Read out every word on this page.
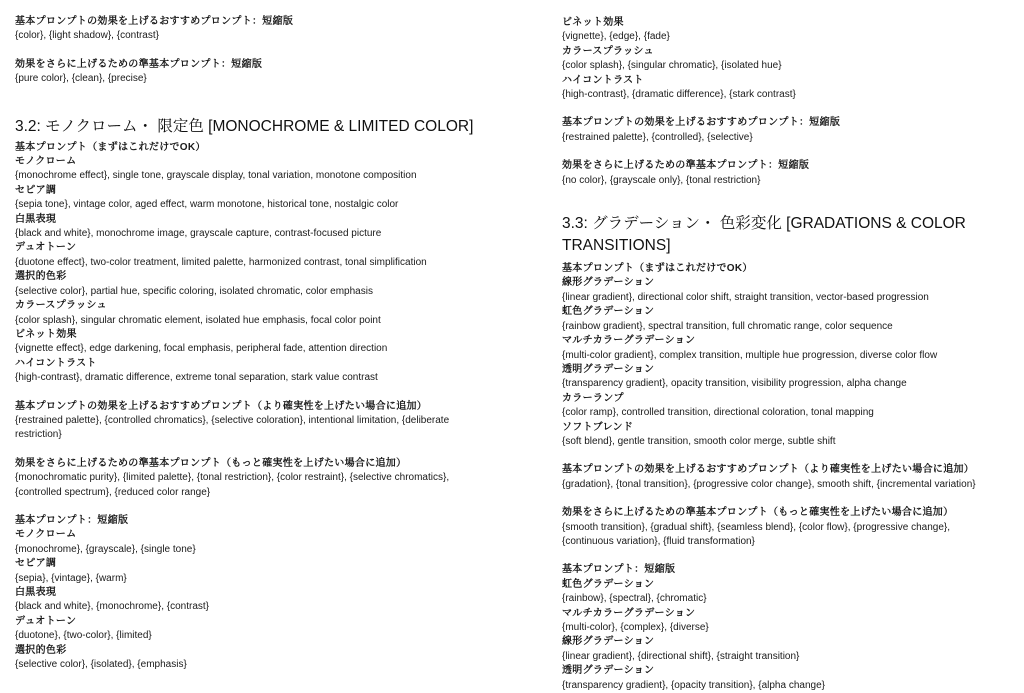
基本プロンプトの効果を上げるおすすめプロンプト：短縮版
{color}, {light shadow}, {contrast}
効果をさらに上げるための準基本プロンプト：短縮版
{pure color}, {clean}, {precise}
3.2: モノクローム・ 限定色 [MONOCHROME & LIMITED COLOR]
基本プロンプト（まずはこれだけでOK）
モノクローム
{monochrome effect}, single tone, grayscale display, tonal variation, monotone composition
セピア調
{sepia tone}, vintage color, aged effect, warm monotone, historical tone, nostalgic color
白黒表現
{black and white}, monochrome image, grayscale capture, contrast-focused picture
デュオトーン
{duotone effect}, two-color treatment, limited palette, harmonized contrast, tonal simplification
選択的色彩
{selective color}, partial hue, specific coloring, isolated chromatic, color emphasis
カラースプラッシュ
{color splash}, singular chromatic element, isolated hue emphasis, focal color point
ビネット効果
{vignette effect}, edge darkening, focal emphasis, peripheral fade, attention direction
ハイコントラスト
{high-contrast}, dramatic difference, extreme tonal separation, stark value contrast
基本プロンプトの効果を上げるおすすめプロンプト（より確実性を上げたい場合に追加）
{restrained palette}, {controlled chromatics}, {selective coloration}, intentional limitation, {deliberate restriction}
効果をさらに上げるための準基本プロンプト（もっと確実性を上げたい場合に追加）
{monochromatic purity}, {limited palette}, {tonal restriction}, {color restraint}, {selective chromatics}, {controlled spectrum}, {reduced color range}
基本プロンプト：短縮版
モノクローム
{monochrome}, {grayscale}, {single tone}
セピア調
{sepia}, {vintage}, {warm}
白黒表現
{black and white}, {monochrome}, {contrast}
デュオトーン
{duotone}, {two-color}, {limited}
選択的色彩
{selective color}, {isolated}, {emphasis}
ビネット効果
{vignette}, {edge}, {fade}
カラースプラッシュ
{color splash}, {singular chromatic}, {isolated hue}
ハイコントラスト
{high-contrast}, {dramatic difference}, {stark contrast}
基本プロンプトの効果を上げるおすすめプロンプト：短縮版
{restrained palette}, {controlled}, {selective}
効果をさらに上げるための準基本プロンプト：短縮版
{no color}, {grayscale only}, {tonal restriction}
3.3: グラデーション・ 色彩変化 [GRADATIONS & COLOR
TRANSITIONS]
基本プロンプト（まずはこれだけでOK）
線形グラデーション
{linear gradient}, directional color shift, straight transition, vector-based progression
虹色グラデーション
{rainbow gradient}, spectral transition, full chromatic range, color sequence
マルチカラーグラデーション
{multi-color gradient}, complex transition, multiple hue progression, diverse color flow
透明グラデーション
{transparency gradient}, opacity transition, visibility progression, alpha change
カラーランプ
{color ramp}, controlled transition, directional coloration, tonal mapping
ソフトブレンド
{soft blend}, gentle transition, smooth color merge, subtle shift
基本プロンプトの効果を上げるおすすめプロンプト（より確実性を上げたい場合に追加）
{gradation}, {tonal transition}, {progressive color change}, smooth shift, {incremental variation}
効果をさらに上げるための準基本プロンプト（もっと確実性を上げたい場合に追加）
{smooth transition}, {gradual shift}, {seamless blend}, {color flow}, {progressive change}, {continuous variation}, {fluid transformation}
基本プロンプト：短縮版
虹色グラデーション
{rainbow}, {spectral}, {chromatic}
マルチカラーグラデーション
{multi-color}, {complex}, {diverse}
線形グラデーション
{linear gradient}, {directional shift}, {straight transition}
透明グラデーション
{transparency gradient}, {opacity transition}, {alpha change}
